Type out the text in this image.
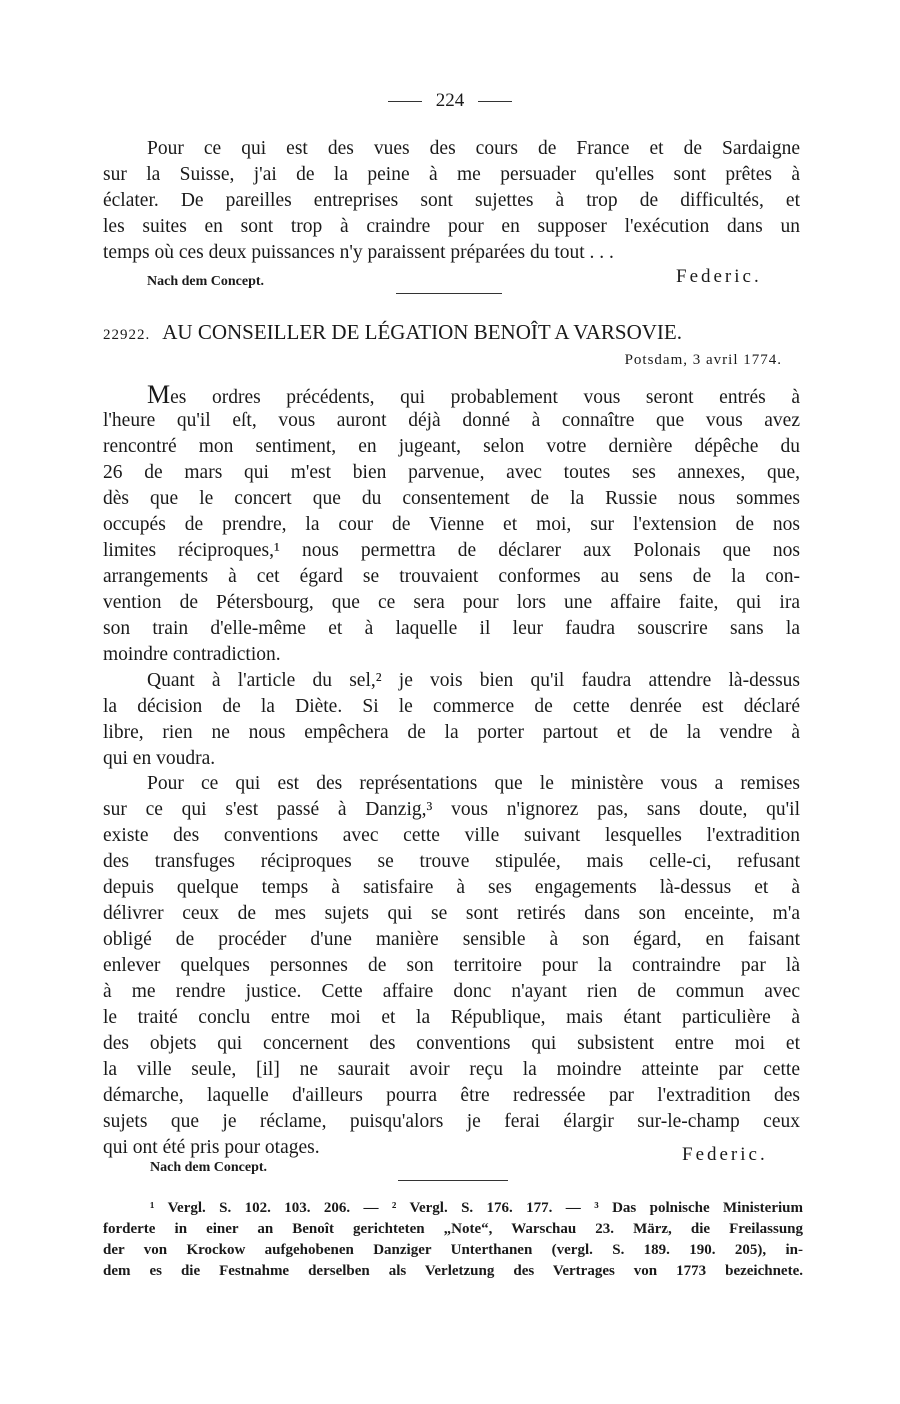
224
Pour ce qui est des vues des cours de France et de Sardaigne
sur la Suisse, j'ai de la peine à me persuader qu'elles sont prêtes à
éclater. De pareilles entreprises sont sujettes à trop de difficultés, et
les suites en sont trop à craindre pour en supposer l'exécution dans un
temps où ces deux puissances n'y paraissent préparées du tout . . .
Nach dem Concept.	Federic.
22922. AU CONSEILLER DE LÉGATION BENOÎT A VARSOVIE.
Potsdam, 3 avril 1774.
Mes ordres précédents, qui probablement vous seront entrés à
l'heure qu'il eſt, vous auront déjà donné à connaître que vous avez
rencontré mon sentiment, en jugeant, selon votre dernière dépêche du
26 de mars qui m'est bien parvenue, avec toutes ses annexes, que,
dès que le concert que du consentement de la Russie nous sommes
occupés de prendre, la cour de Vienne et moi, sur l'extension de nos
limites réciproques,¹ nous permettra de déclarer aux Polonais que nos
arrangements à cet égard se trouvaient conformes au sens de la con-
vention de Pétersbourg, que ce sera pour lors une affaire faite, qui ira
son train d'elle-même et à laquelle il leur faudra souscrire sans la
moindre contradiction.
Quant à l'article du sel,² je vois bien qu'il faudra attendre là-dessus
la décision de la Diète. Si le commerce de cette denrée est déclaré
libre, rien ne nous empêchera de la porter partout et de la vendre à
qui en voudra.
Pour ce qui est des représentations que le ministère vous a remises
sur ce qui s'est passé à Danzig,³ vous n'ignorez pas, sans doute, qu'il
existe des conventions avec cette ville suivant lesquelles l'extradition
des transfuges réciproques se trouve stipulée, mais celle-ci, refusant
depuis quelque temps à satisfaire à ses engagements là-dessus et à
délivrer ceux de mes sujets qui se sont retirés dans son enceinte, m'a
obligé de procéder d'une manière sensible à son égard, en faisant
enlever quelques personnes de son territoire pour la contraindre par là
à me rendre justice. Cette affaire donc n'ayant rien de commun avec
le traité conclu entre moi et la République, mais étant particulière à
des objets qui concernent des conventions qui subsistent entre moi et
la ville seule, [il] ne saurait avoir reçu la moindre atteinte par cette
démarche, laquelle d'ailleurs pourra être redressée par l'extradition des
sujets que je réclame, puisqu'alors je ferai élargir sur-le-champ ceux
qui ont été pris pour otages.
Nach dem Concept.
Federic.
¹ Vergl. S. 102. 103. 206. — ² Vergl. S. 176. 177. — ³ Das polnische Ministerium
forderte in einer an Benoît gerichteten „Note“, Warschau 23. März, die Freilassung
der von Krockow aufgehobenen Danziger Unterthanen (vergl. S. 189. 190. 205), in-
dem es die Festnahme derselben als Verletzung des Vertrages von 1773 bezeichnete.
